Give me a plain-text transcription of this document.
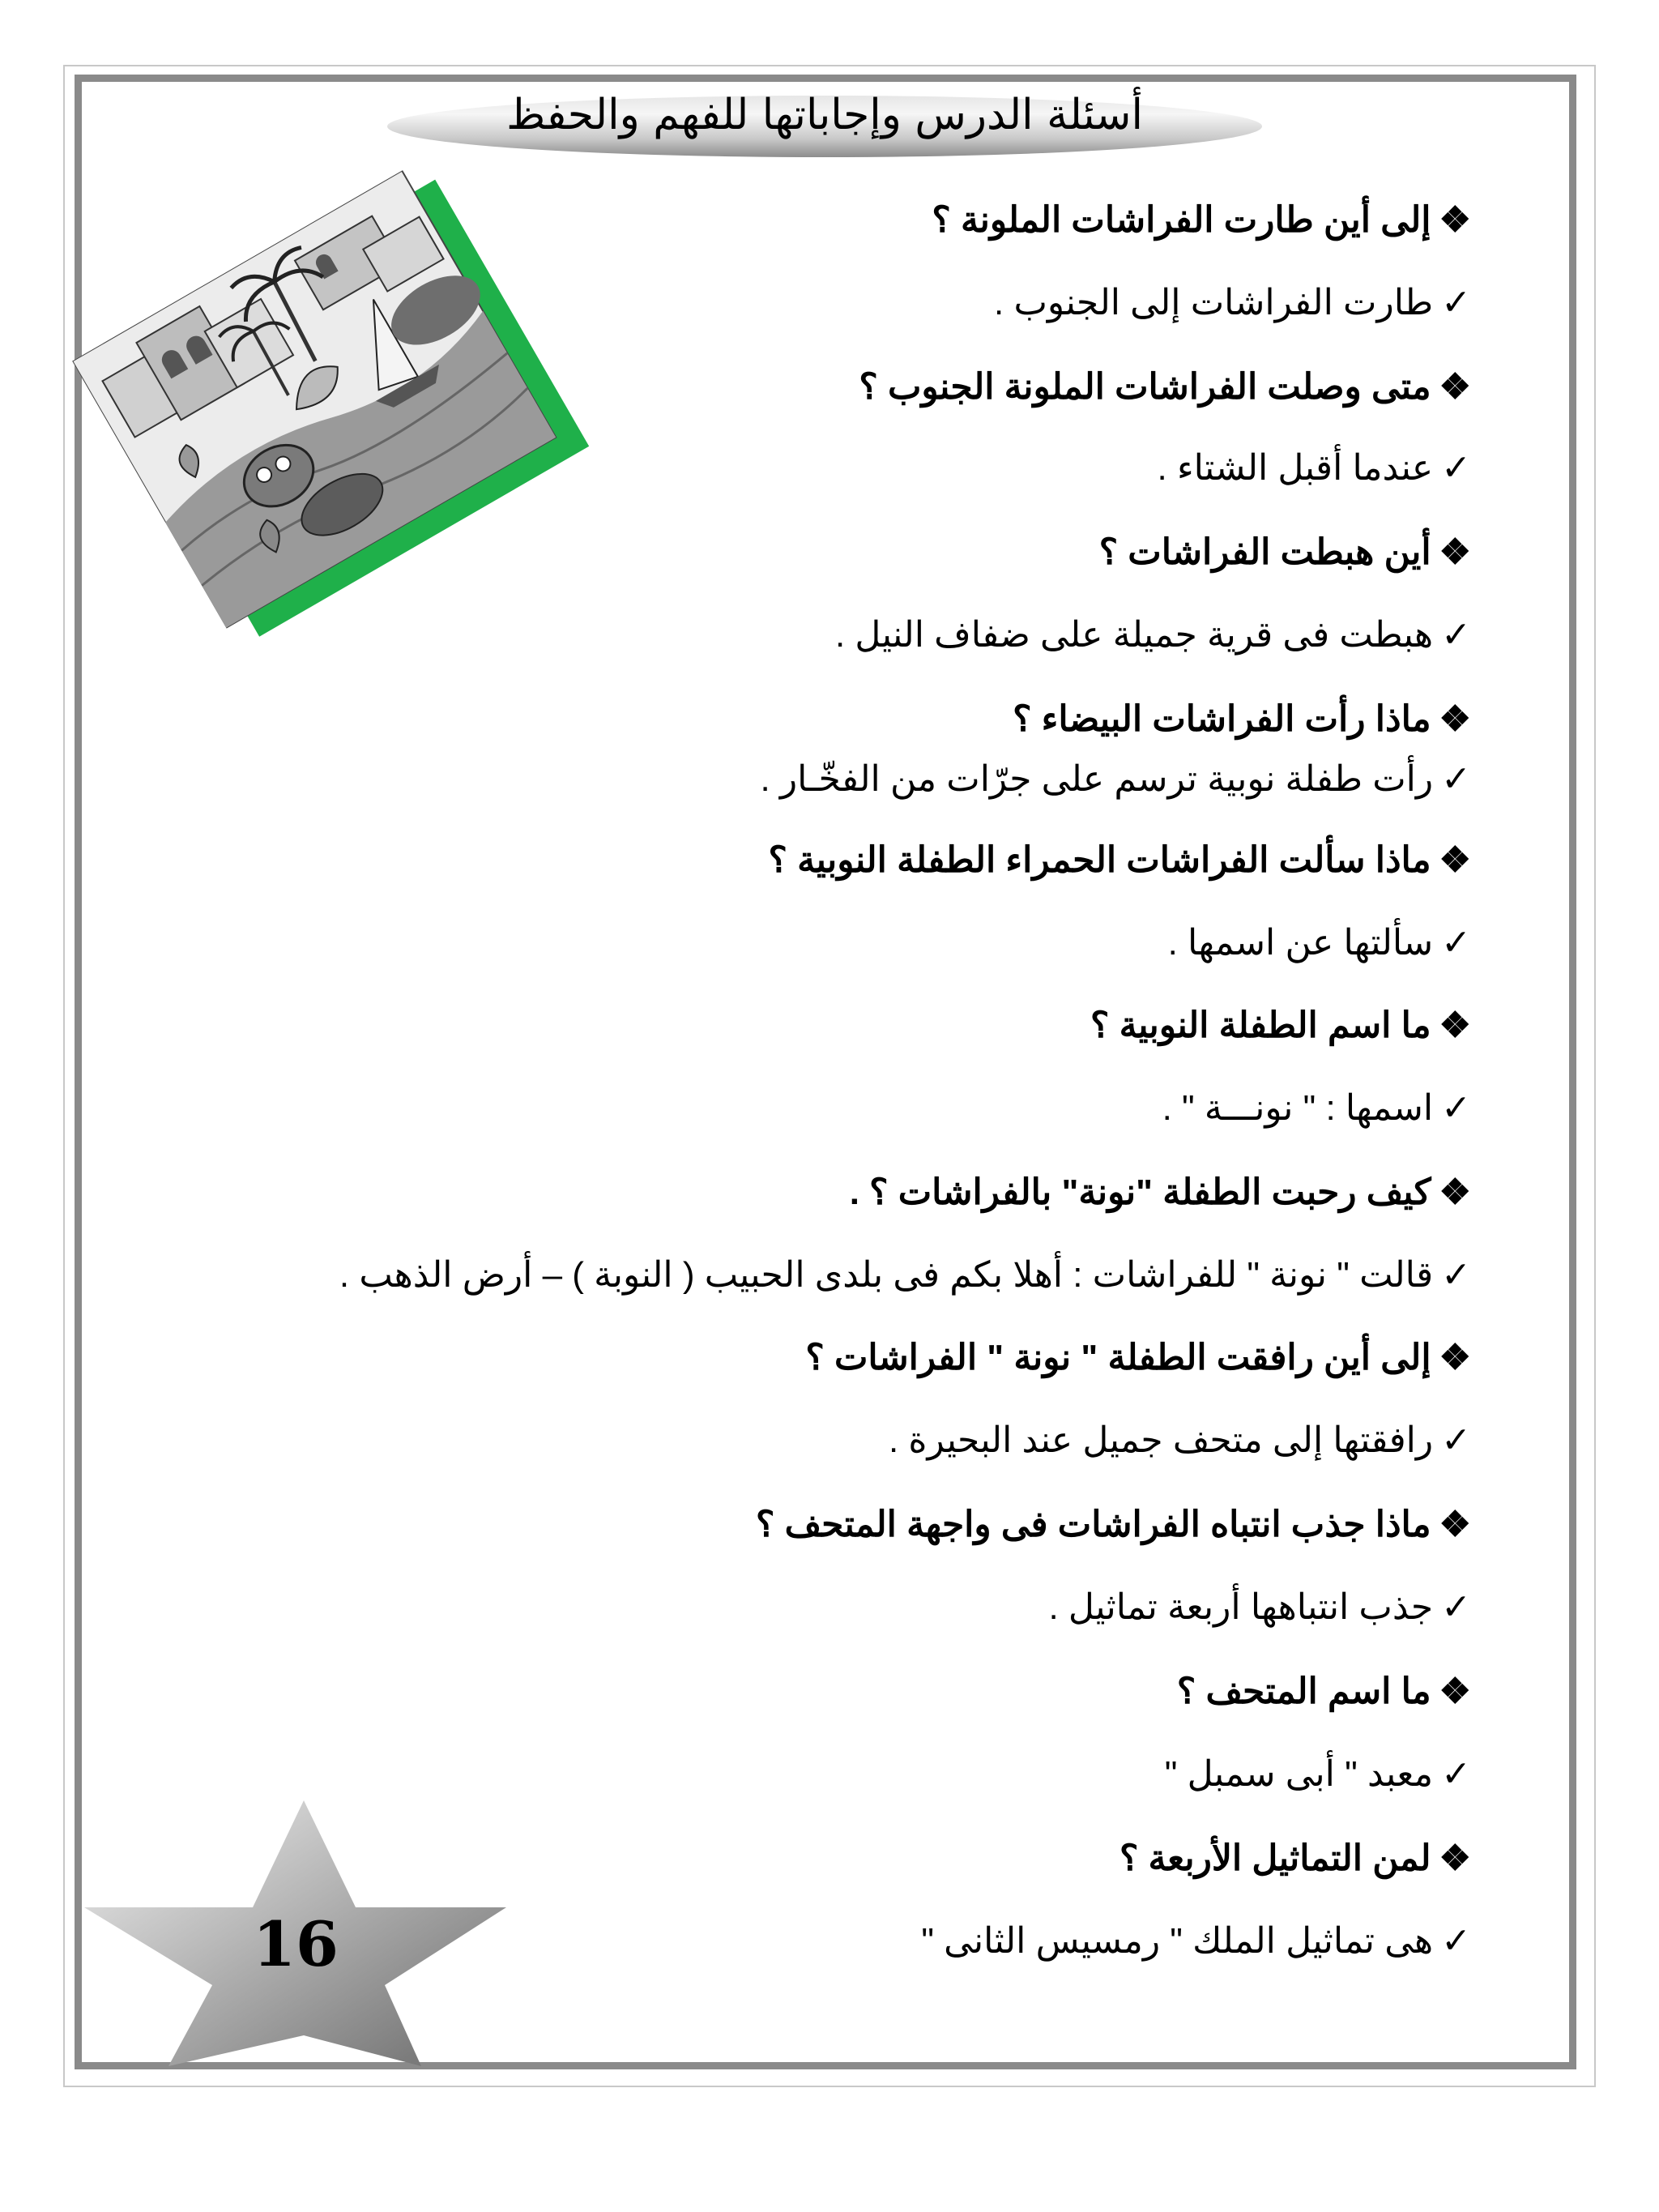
أسئلة الدرس وإجاباتها للفهم والحفظ
❖إلى أين طارت الفراشات الملونة ؟
✓طارت الفراشات إلى الجنوب .
❖متى وصلت الفراشات الملونة الجنوب ؟
✓عندما أقبل الشتاء .
❖أين هبطت الفراشات ؟
✓هبطت فى قرية جميلة على ضفاف النيل .
❖ماذا رأت الفراشات البيضاء ؟
✓رأت طفلة نوبية ترسم على جرّات من الفخّـار .
❖ماذا سألت الفراشات الحمراء الطفلة النوبية ؟
✓سألتها عن اسمها .
❖ما اسم الطفلة النوبية ؟
✓اسمها : " نونـــة " .
❖كيف رحبت الطفلة "نونة" بالفراشات ؟ .
✓قالت " نونة " للفراشات : أهلا بكم فى بلدى الحبيب ( النوبة ) – أرض الذهب .
❖إلى أين رافقت الطفلة " نونة " الفراشات ؟
✓رافقتها إلى متحف جميل عند البحيرة .
❖ماذا جذب انتباه الفراشات فى واجهة المتحف ؟
✓جذب انتباهها أربعة تماثيل .
❖ما اسم المتحف ؟
✓معبد " أبى سمبل "
❖لمن التماثيل الأربعة ؟
✓هى تماثيل الملك " رمسيس الثانى "
16
